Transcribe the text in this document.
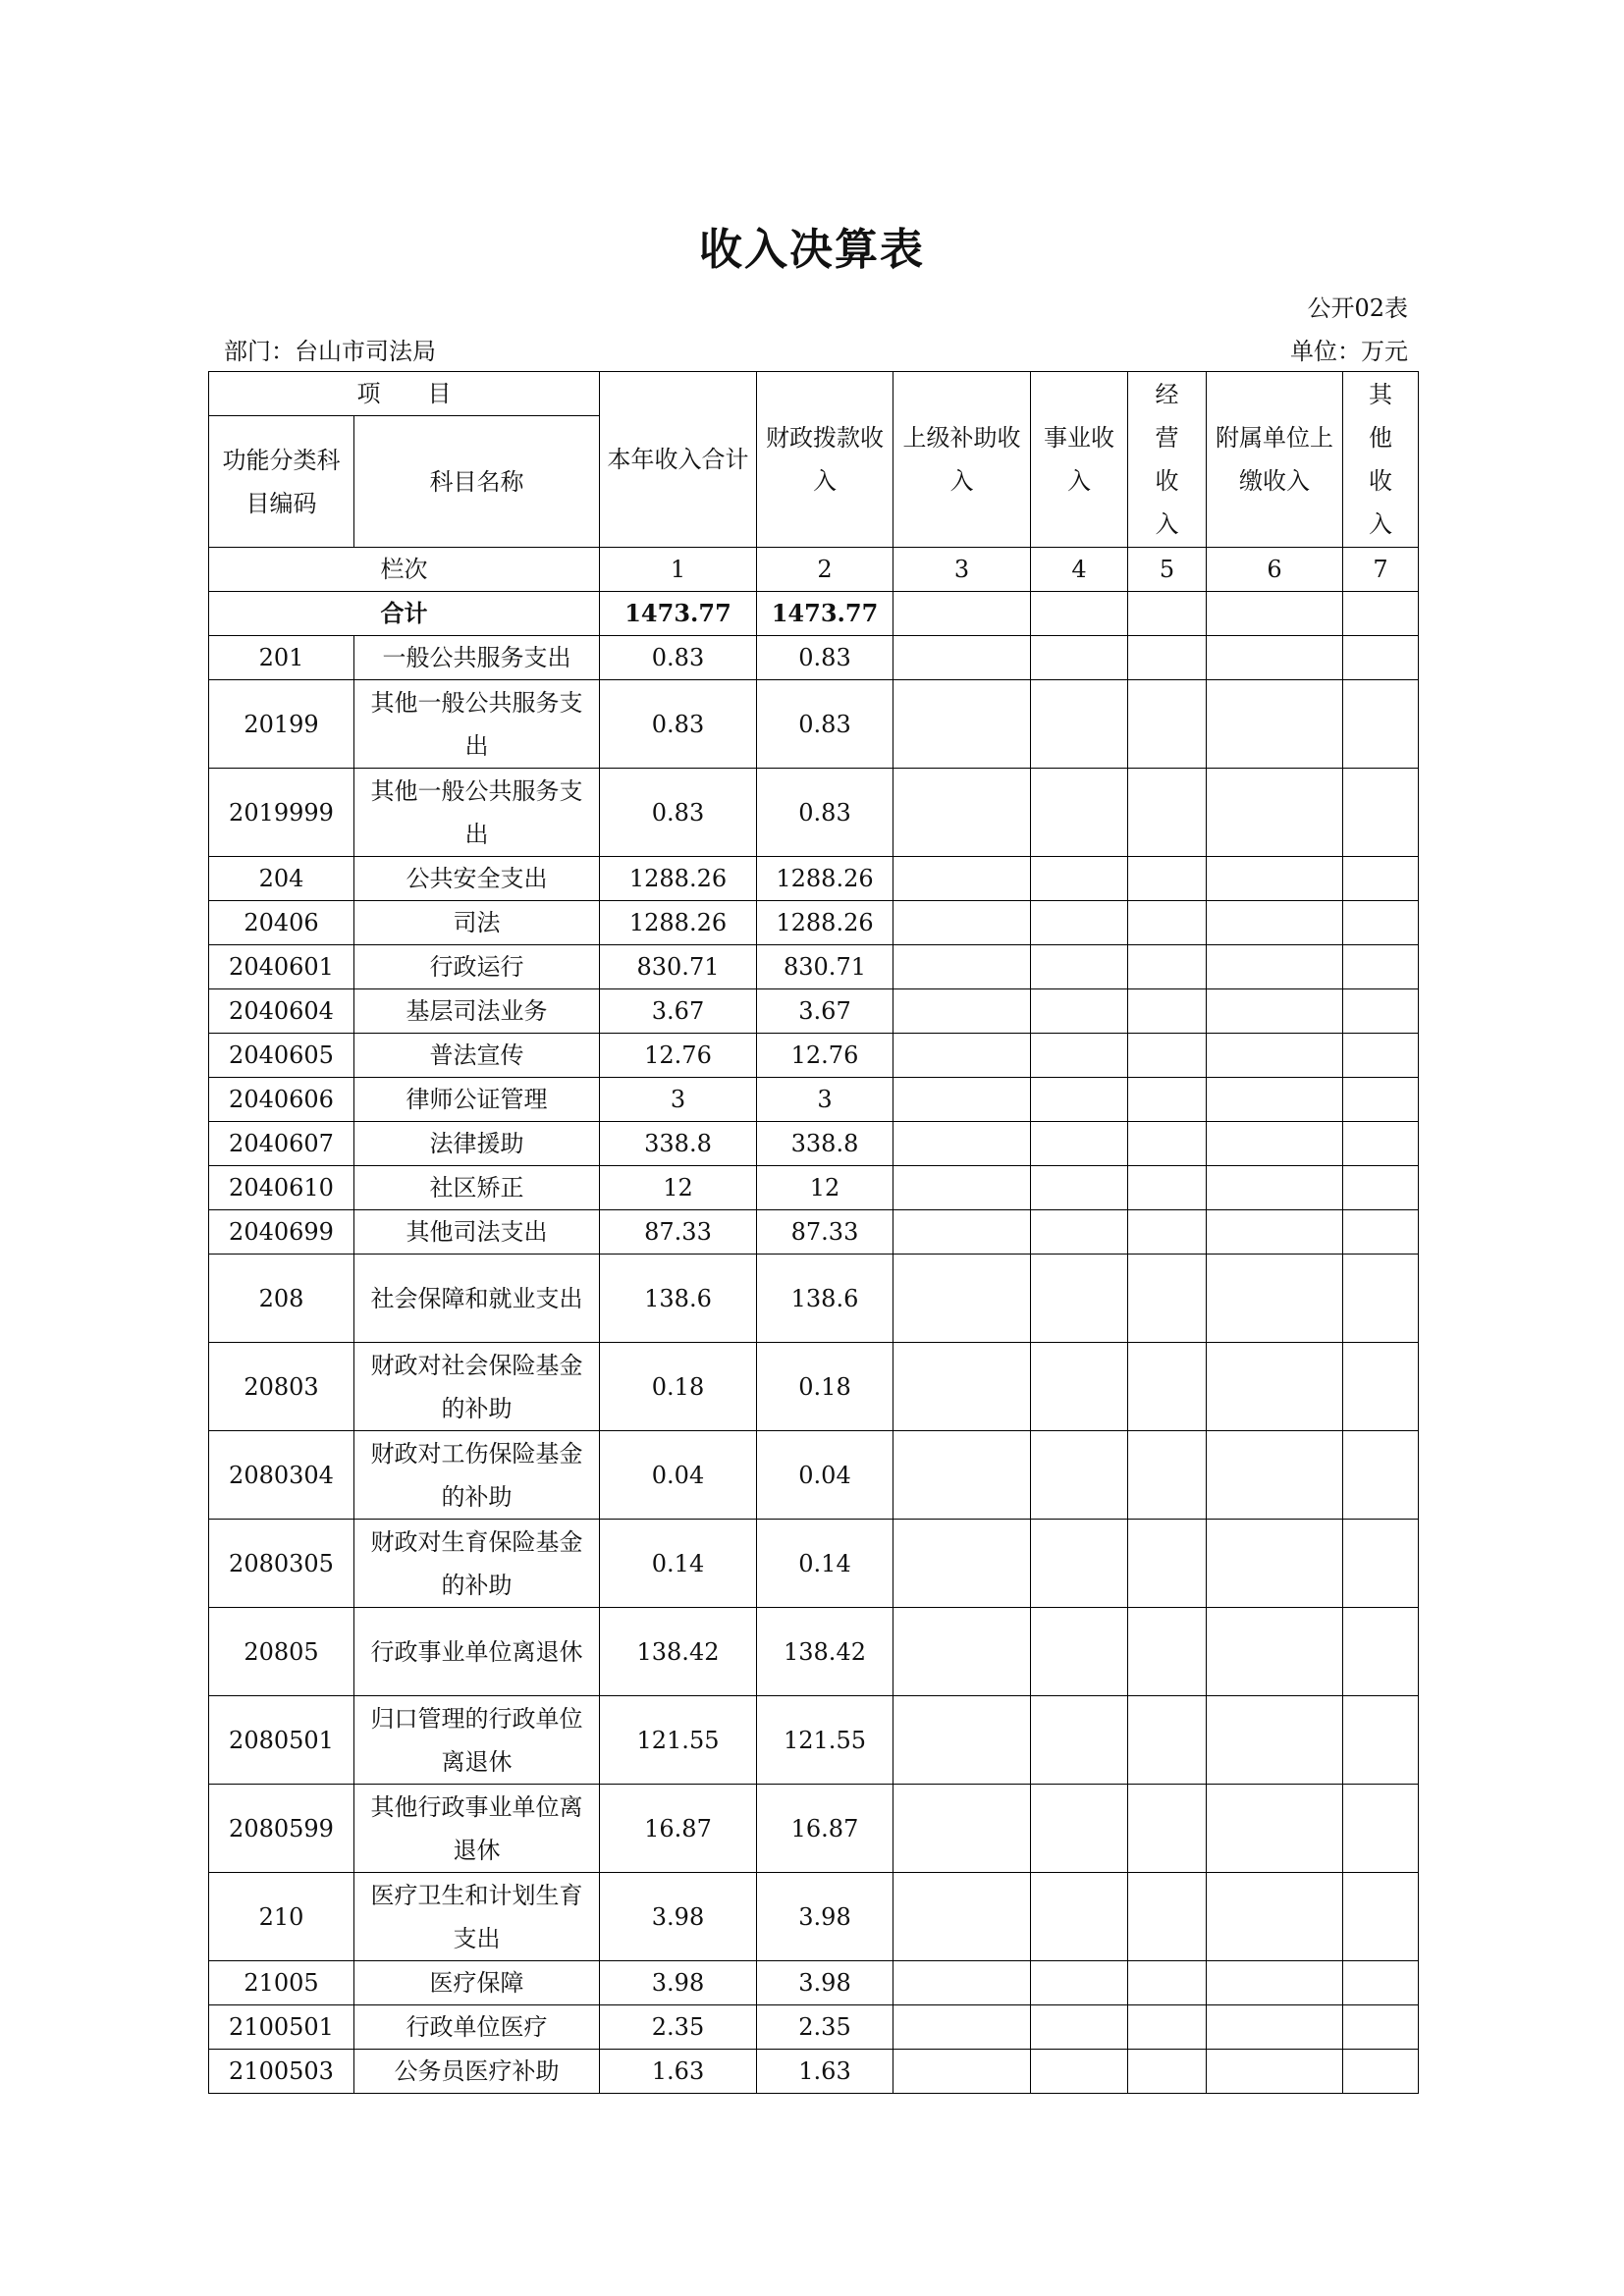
收入决算表
公开02表
部门：台山市司法局	单位：万元
项　　目		本年收入合计	财政拨款收入	上级补助收入	事业收入	经营收入	附属单位上缴收入	其他收入
功能分类科目编码	科目名称							
栏次		1	2	3	4	5	6	7
合计		1473.77	1473.77					
201	一般公共服务支出	0.83	0.83					
20199	其他一般公共服务支出	0.83	0.83					
2019999	其他一般公共服务支出	0.83	0.83					
204	公共安全支出	1288.26	1288.26					
20406	司法	1288.26	1288.26					
2040601	行政运行	830.71	830.71					
2040604	基层司法业务	3.67	3.67					
2040605	普法宣传	12.76	12.76					
2040606	律师公证管理	3	3					
2040607	法律援助	338.8	338.8					
2040610	社区矫正	12	12					
2040699	其他司法支出	87.33	87.33					
208	社会保障和就业支出	138.6	138.6					
20803	财政对社会保险基金的补助	0.18	0.18					
2080304	财政对工伤保险基金的补助	0.04	0.04					
2080305	财政对生育保险基金的补助	0.14	0.14					
20805	行政事业单位离退休	138.42	138.42					
2080501	归口管理的行政单位离退休	121.55	121.55					
2080599	其他行政事业单位离退休	16.87	16.87					
210	医疗卫生和计划生育支出	3.98	3.98					
21005	医疗保障	3.98	3.98					
2100501	行政单位医疗	2.35	2.35					
2100503	公务员医疗补助	1.63	1.63					
